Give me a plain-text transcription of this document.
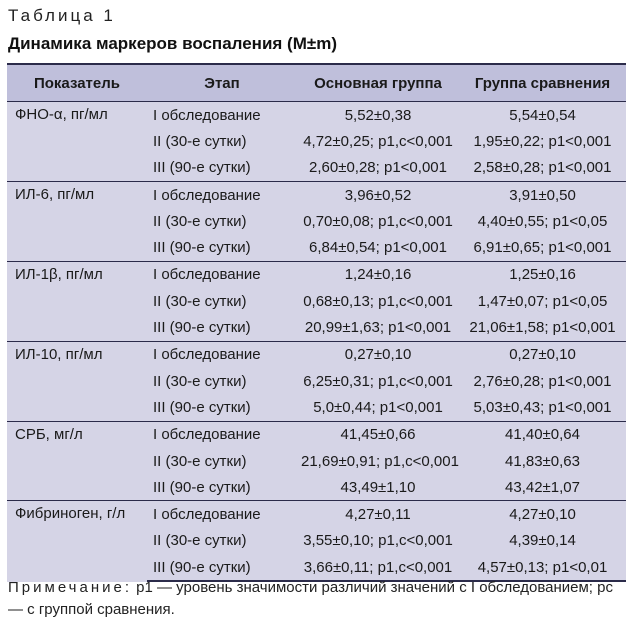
Таблица 1
Динамика маркеров воспаления (M±m)
Показатель	Этап	Основная группа	Группа сравнения
ФНО-α, пг/мл	I обследование	5,52±0,38	5,54±0,54
	II (30-е сутки)	4,72±0,25; p1,c<0,001	1,95±0,22; p1<0,001
	III (90-е сутки)	2,60±0,28; p1<0,001	2,58±0,28; p1<0,001
ИЛ-6, пг/мл	I обследование	3,96±0,52	3,91±0,50
	II (30-е сутки)	0,70±0,08; p1,c<0,001	4,40±0,55; p1<0,05
	III (90-е сутки)	6,84±0,54; p1<0,001	6,91±0,65; p1<0,001
ИЛ-1β, пг/мл	I обследование	1,24±0,16	1,25±0,16
	II (30-е сутки)	0,68±0,13; p1,c<0,001	1,47±0,07; p1<0,05
	III (90-е сутки)	20,99±1,63; p1<0,001	21,06±1,58; p1<0,001
ИЛ-10, пг/мл	I обследование	0,27±0,10	0,27±0,10
	II (30-е сутки)	6,25±0,31; p1,c<0,001	2,76±0,28; p1<0,001
	III (90-е сутки)	5,0±0,44; p1<0,001	5,03±0,43; p1<0,001
СРБ, мг/л	I обследование	41,45±0,66	41,40±0,64
	II (30-е сутки)	21,69±0,91; p1,c<0,001	41,83±0,63
	III (90-е сутки)	43,49±1,10	43,42±1,07
Фибриноген, г/л	I обследование	4,27±0,11	4,27±0,10
	II (30-е сутки)	3,55±0,10; p1,c<0,001	4,39±0,14
	III (90-е сутки)	3,66±0,11; p1,c<0,001	4,57±0,13; p1<0,01
Примечание: p1 — уровень значимости различий значений с I обследованием; pc — с группой сравнения.
